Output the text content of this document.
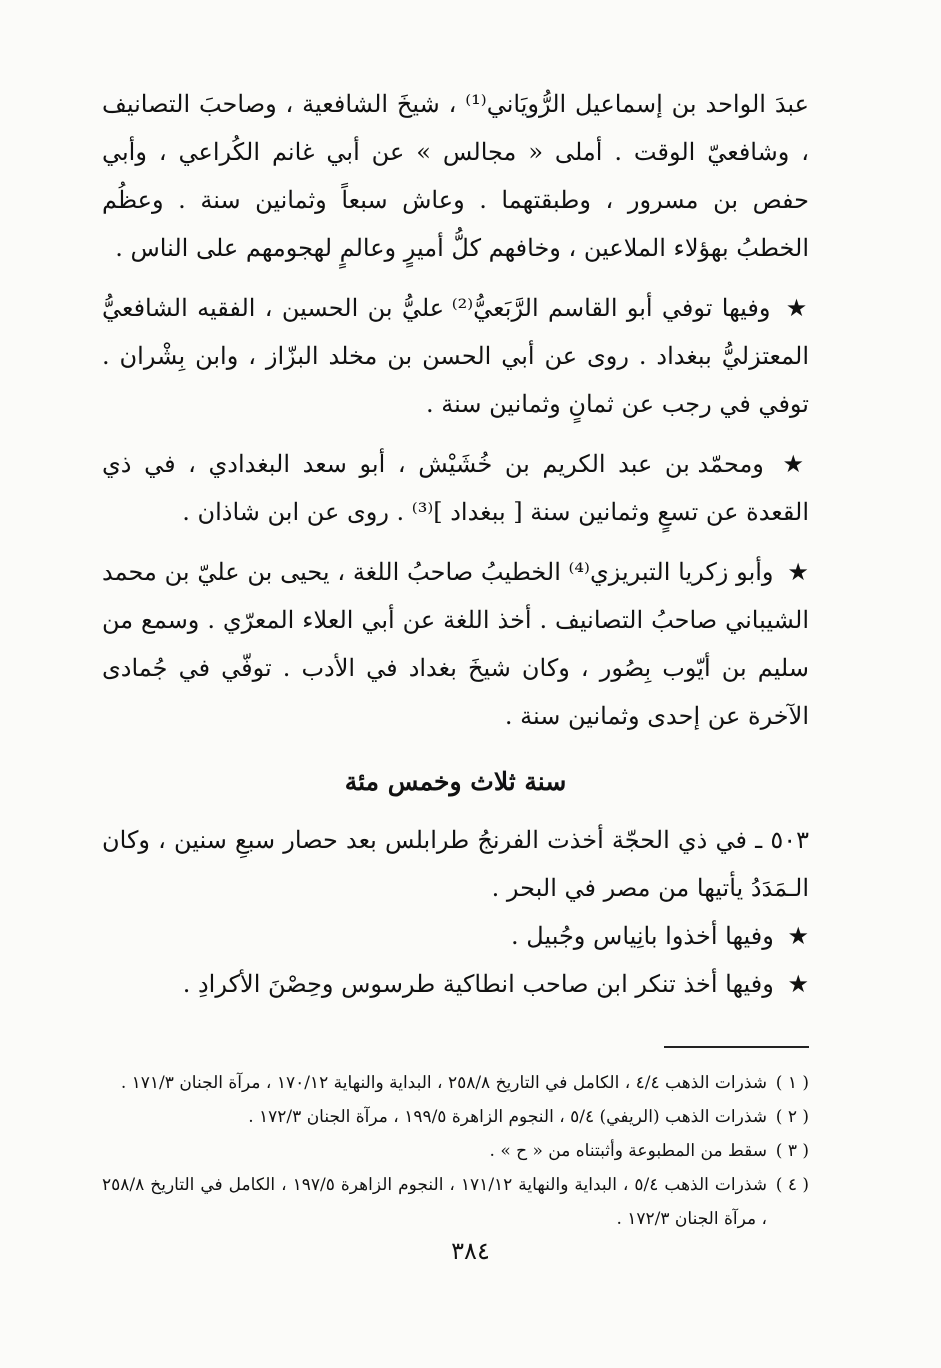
عبدَ الواحد بن إسماعيل الرُّويَاني⁽¹⁾ ، شيخَ الشافعية ، وصاحبَ التصانيف ، وشافعيّ الوقت . أملى « مجالس » عن أبي غانم الكُراعي ، وأبي حفص بن مسرور ، وطبقتهما . وعاش سبعاً وثمانين سنة . وعظُم الخطبُ بهؤلاء الملاعين ، وخافهم كلُّ أميرٍ وعالمٍ لهجومهم على الناس .

★ وفيها توفي أبو القاسم الرَّبَعيُّ⁽²⁾ عليُّ بن الحسين ، الفقيه الشافعيُّ المعتزليُّ ببغداد . روى عن أبي الحسن بن مخلد البزّاز ، وابن بِشْران . توفي في رجب عن ثمانٍ وثمانين سنة .

★ ومحمّد بن عبد الكريم بن خُشَيْش ، أبو سعد البغدادي ، في ذي القعدة عن تسعٍ وثمانين سنة [ ببغداد ]⁽³⁾ . روى عن ابن شاذان .

★ وأبو زكريا التبريزي⁽⁴⁾ الخطيبُ صاحبُ اللغة ، يحيى بن عليّ بن محمد الشيباني صاحبُ التصانيف . أخذ اللغة عن أبي العلاء المعرّي . وسمع من سليم بن أيّوب بِصُور ، وكان شيخَ بغداد في الأدب . توفّي في جُمادى الآخرة عن إحدى وثمانين سنة .

سنة ثلاث وخمس مئة

٥٠٣ ـ في ذي الحجّة أخذت الفرنجُ طرابلس بعد حصار سبعِ سنين ، وكان الـمَدَدُ يأتيها من مصر في البحر .

★ وفيها أخذوا بانِياس وجُبيل .

★ وفيها أخذ تنكر ابن صاحب انطاكية طرسوس وحِصْنَ الأكرادِ .

( ١ )
شذرات الذهب ٤/٤ ، الكامل في التاريخ ٢٥٨/٨ ، البداية والنهاية ١٧٠/١٢ ، مرآة الجنان ١٧١/٣ .

( ٢ )
شذرات الذهب (الريفي) ٥/٤ ، النجوم الزاهرة ١٩٩/٥ ، مرآة الجنان ١٧٢/٣ .

( ٣ )
سقط من المطبوعة وأثبتناه من « ح » .

( ٤ )
شذرات الذهب ٥/٤ ، البداية والنهاية ١٧١/١٢ ، النجوم الزاهرة ١٩٧/٥ ، الكامل في التاريخ ٢٥٨/٨ ، مرآة الجنان ١٧٢/٣ .

٣٨٤
